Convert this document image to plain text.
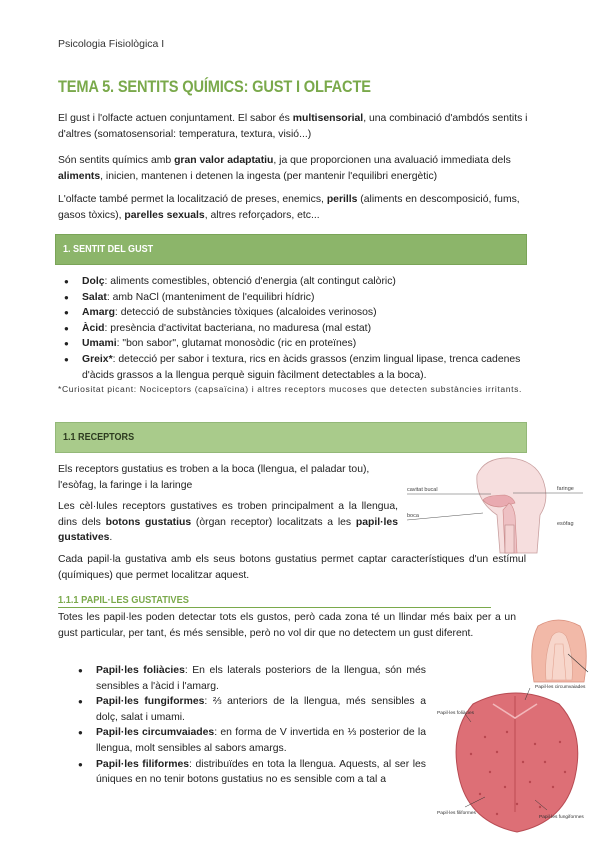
Psicologia Fisiològica I
TEMA 5. SENTITS QUÍMICS: GUST I OLFACTE
El gust i l'olfacte actuen conjuntament. El sabor és multisensorial, una combinació d'ambdós sentits i d'altres (somatosensorial: temperatura, textura, visió...)
Són sentits químics amb gran valor adaptatiu, ja que proporcionen una avaluació immediata dels aliments, inicien, mantenen i detenen la ingesta (per mantenir l'equilibri energètic)
L'olfacte també permet la localització de preses, enemics, perills (aliments en descomposició, fums, gasos tòxics), parelles sexuals, altres reforçadors, etc...
1. SENTIT DEL GUST
● Dolç: aliments comestibles, obtenció d'energia (alt contingut calòric)
● Salat: amb NaCl (manteniment de l'equilibri hídric)
● Amarg: detecció de substàncies tòxiques (alcaloides verinosos)
● Àcid: presència d'activitat bacteriana, no maduresa (mal estat)
● Umami: "bon sabor", glutamat monosòdic (ric en proteïnes)
● Greix*: detecció per sabor i textura, rics en àcids grassos (enzim lingual lipase, trenca cadenes d'àcids grassos a la llengua perquè siguin fàcilment detectables a la boca).
*Curiositat picant: Nociceptors (capsaïcina) i altres receptors mucoses que detecten substàncies irritants.
1.1 RECEPTORS
Els receptors gustatius es troben a la boca (llengua, el paladar tou), l'esòfag, la faringe i la laringe
Les cèl·lules receptors gustatives es troben principalment a la llengua, dins dels botons gustatius (òrgan receptor) localitzats a les papil·les gustatives.
Cada papil·la gustativa amb els seus botons gustatius permet captar característiques d'un estímul (químiques) que permet localitzar aquest.
cavitat bucal	faringe
boca
esòfag
1.1.1 PAPIL·LES GUSTATIVES
Totes les papil·les poden detectar tots els gustos, però cada zona té un llindar més baix per a un gust particular, per tant, és més sensible, però no vol dir que no detectem un gust diferent.
● Papil·les foliàcies: En els laterals posteriors de la llengua, són més sensibles a l'àcid i l'amarg.
● Papil·les fungiformes: ⅔ anteriors de la llengua, més sensibles a dolç, salat i umami.
● Papil·les circumvaiades: en forma de V invertida en ⅓ posterior de la llengua, molt sensibles al sabors amargs.
● Papil·les filiformes: distribuïdes en tota la llengua. Aquests, al ser les úniques en no tenir botons gustatius no es sensible com a tal a
Papil·les circumvaiades
Papil·les foliàcies
Papil·les filiformes
Papil·les fungiformes
